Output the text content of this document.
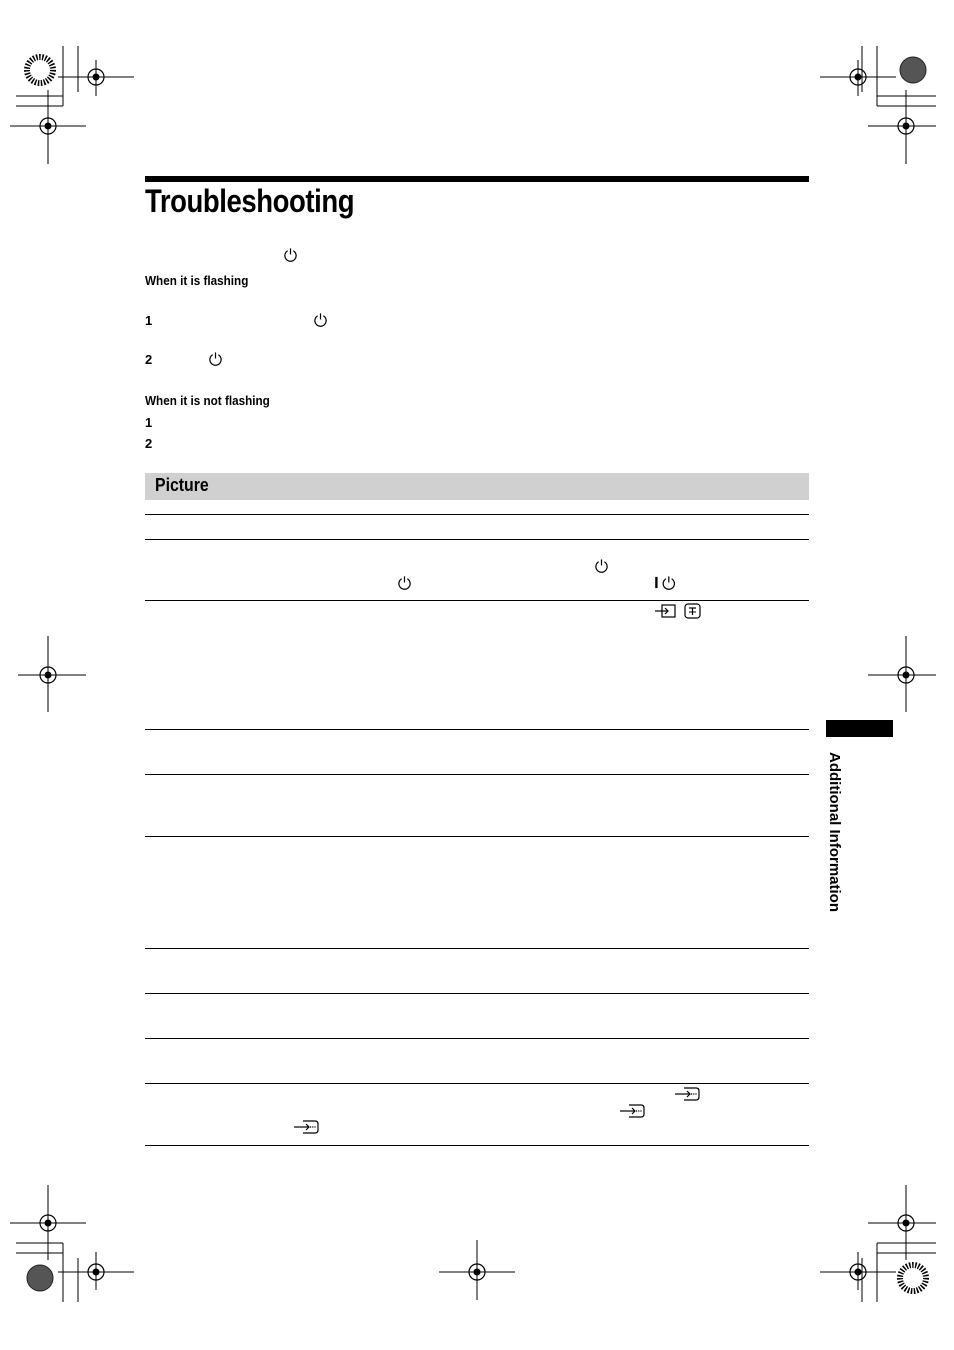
Troubleshooting
When it is flashing
1
2
When it is not flashing
1
2
Picture
Additional Information
